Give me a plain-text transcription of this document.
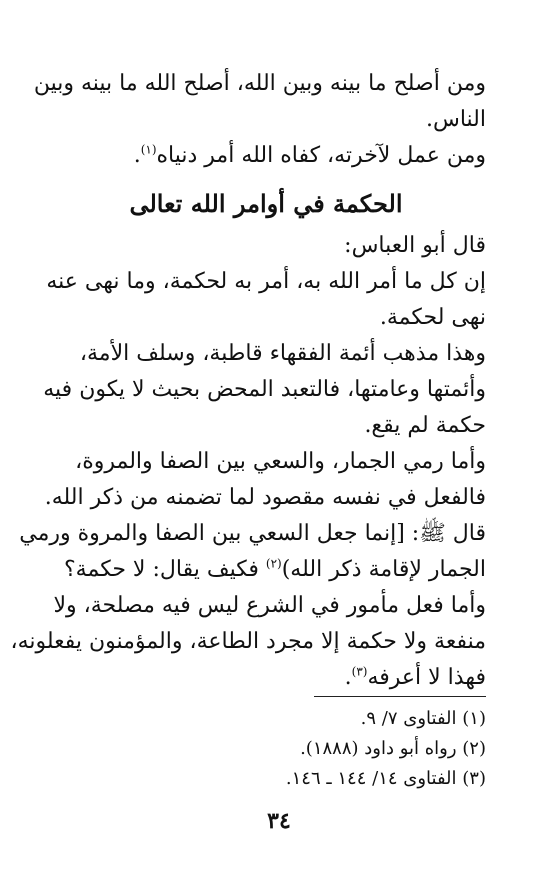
ومن أصلح ما بينه وبين الله، أصلح الله ما بينه وبين
الناس.
ومن عمل لآخرته، كفاه الله أمر دنياه$^{(١)}$.
الحكمة في أوامر الله تعالى
قال أبو العباس:
إن كل ما أمر الله به، أمر به لحكمة، وما نهى عنه
نهى لحكمة.
وهذا مذهب أئمة الفقهاء قاطبة، وسلف الأمة،
وأئمتها وعامتها، فالتعبد المحض بحيث لا يكون فيه
حكمة لم يقع.
وأما رمي الجمار، والسعي بين الصفا والمروة،
فالفعل في نفسه مقصود لما تضمنه من ذكر الله.
قال ﷺ: [إنما جعل السعي بين الصفا والمروة ورمي
الجمار لإقامة ذكر الله)$^{(٢)}$ فكيف يقال: لا حكمة؟
وأما فعل مأمور في الشرع ليس فيه مصلحة، ولا
منفعة ولا حكمة إلا مجرد الطاعة، والمؤمنون يفعلونه،
فهذا لا أعرفه$^{(٣)}$.
(١) الفتاوى ٧/ ٩.
(٢) رواه أبو داود (١٨٨٨).
(٣) الفتاوى ١٤/ ١٤٤ ـ ١٤٦.
٣٤
